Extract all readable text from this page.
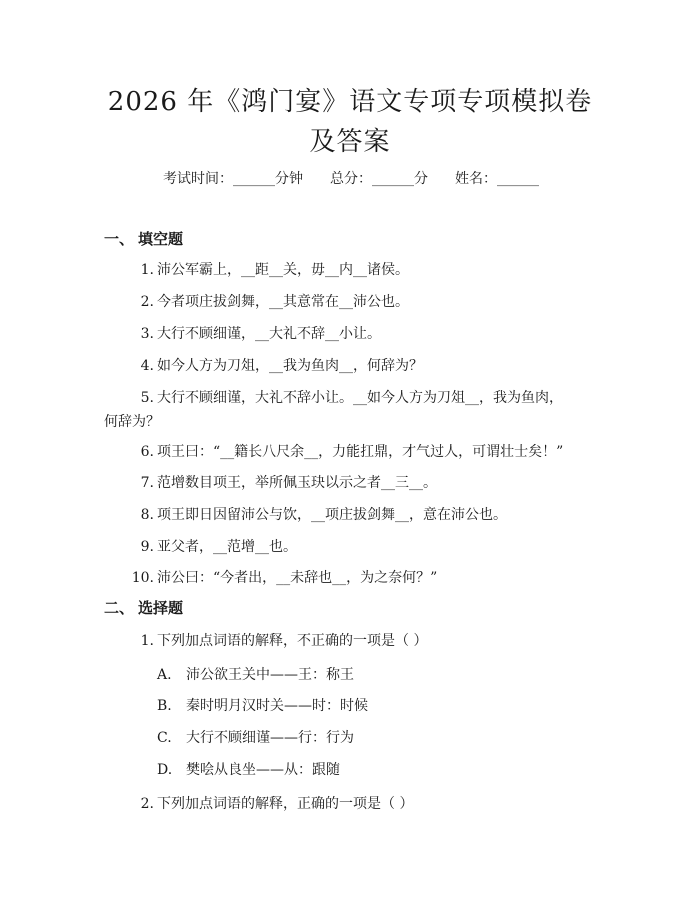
2026 年《鸿门宴》语文专项专项模拟卷及答案
考试时间：______分钟 总分：______分 姓名：______
一、 填空题
1. 沛公军霸上，__距__关，毋__内__诸侯。
2. 今者项庄拔剑舞，__其意常在__沛公也。
3. 大行不顾细谨，__大礼不辞__小让。
4. 如今人方为刀俎，__我为鱼肉__，何辞为？
5. 大行不顾细谨，大礼不辞小让。__如今人方为刀俎__，我为鱼肉，何辞为？
6. 项王曰：“__籍长八尺余__，力能扛鼎，才气过人，可谓壮士矣！”
7. 范增数目项王，举所佩玉玦以示之者__三__。
8. 项王即日因留沛公与饮，__项庄拔剑舞__，意在沛公也。
9. 亚父者，__范增__也。
10. 沛公曰：“今者出，__未辞也__，为之奈何？”
二、 选择题
1. 下列加点词语的解释，不正确的一项是（ ）
A. 沛公欲王关中——王：称王
B. 秦时明月汉时关——时：时候
C. 大行不顾细谨——行：行为
D. 樊哙从良坐——从：跟随
2. 下列加点词语的解释，正确的一项是（ ）
